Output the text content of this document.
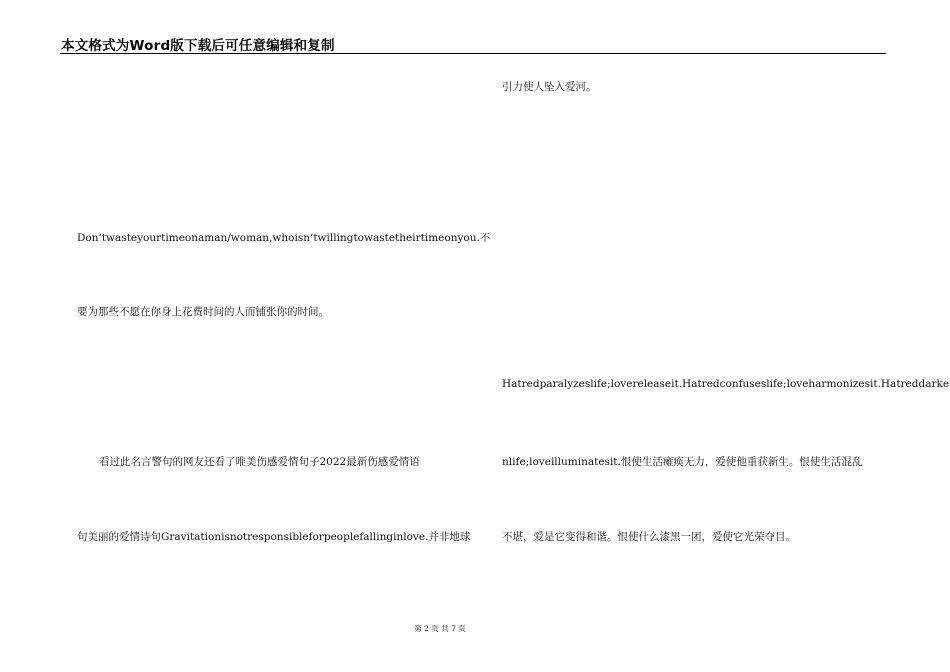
本文格式为Word版下载后可任意编辑和复制
Don‘twasteyourtimeonaman/woman,whoisn‘twillingtowastetheirtimeonyou.不
要为那些不愿在你身上花费时间的人而铺张你的时间。
看过此名言警句的网友还看了唯美伤感爱情句子2022最新伤感爱情语
句美丽的爱情诗句Gravitationisnotresponsibleforpeoplefallinginlove.并非地球
引力使人坠入爱河。
Hatredparalyzeslife;lovereleaseit.Hatredconfuseslife;loveharmonizesit.Hatreddarke
nlife;loveilluminatesit.恨使生活瘫痪无力，爱使他重获新生。恨使生活混乱
不堪，爱是它变得和谐。恨使什么漆黑一团，爱使它光荣夺目。
第 2 页 共 7 页
